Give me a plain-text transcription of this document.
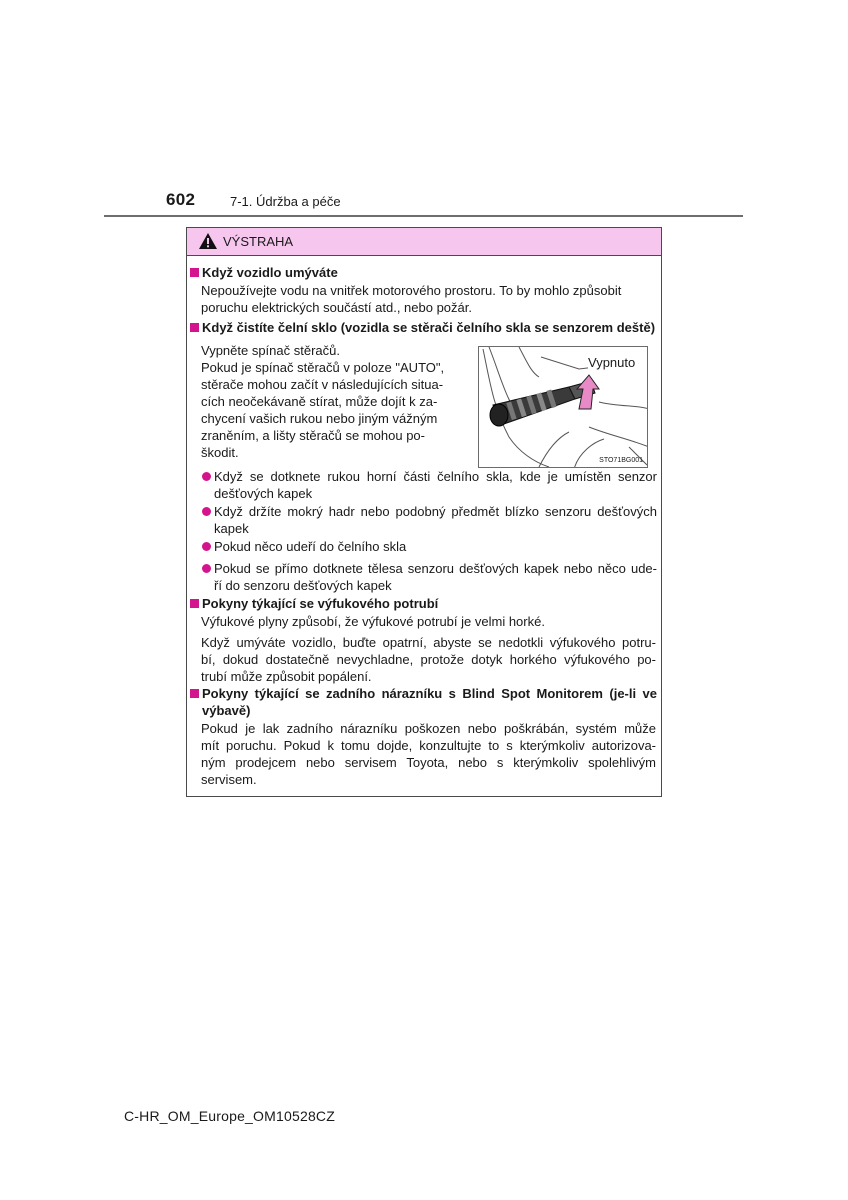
602	7-1. Údržba a péče
VÝSTRAHA
Když vozidlo umýváte
Nepoužívejte vodu na vnitřek motorového prostoru. To by mohlo způsobit
poruchu elektrických součástí atd., nebo požár.
Když čistíte čelní sklo (vozidla se stěrači čelního skla se senzorem deště)
Vypněte spínač stěračů.
Pokud je spínač stěračů v poloze "AUTO",
stěrače mohou začít v následujících situa-
cích neočekávaně stírat, může dojít k za-
chycení vašich rukou nebo jiným vážným
zraněním, a lišty stěračů se mohou po-
škodit.
Vypnuto
STO71BG001
Když se dotknete rukou horní části čelního skla, kde je umístěn senzor
dešťových kapek
Když držíte mokrý hadr nebo podobný předmět blízko senzoru dešťových
kapek
Pokud něco udeří do čelního skla
Pokud se přímo dotknete tělesa senzoru dešťových kapek nebo něco ude-
ří do senzoru dešťových kapek
Pokyny týkající se výfukového potrubí
Výfukové plyny způsobí, že výfukové potrubí je velmi horké.
Když umýváte vozidlo, buďte opatrní, abyste se nedotkli výfukového potru-
bí, dokud dostatečně nevychladne, protože dotyk horkého výfukového po-
trubí může způsobit popálení.
Pokyny týkající se zadního nárazníku s Blind Spot Monitorem (je-li ve
výbavě)
Pokud je lak zadního nárazníku poškozen nebo poškrábán, systém může
mít poruchu. Pokud k tomu dojde, konzultujte to s kterýmkoliv autorizova-
ným prodejcem nebo servisem Toyota, nebo s kterýmkoliv spolehlivým
servisem.
C-HR_OM_Europe_OM10528CZ
